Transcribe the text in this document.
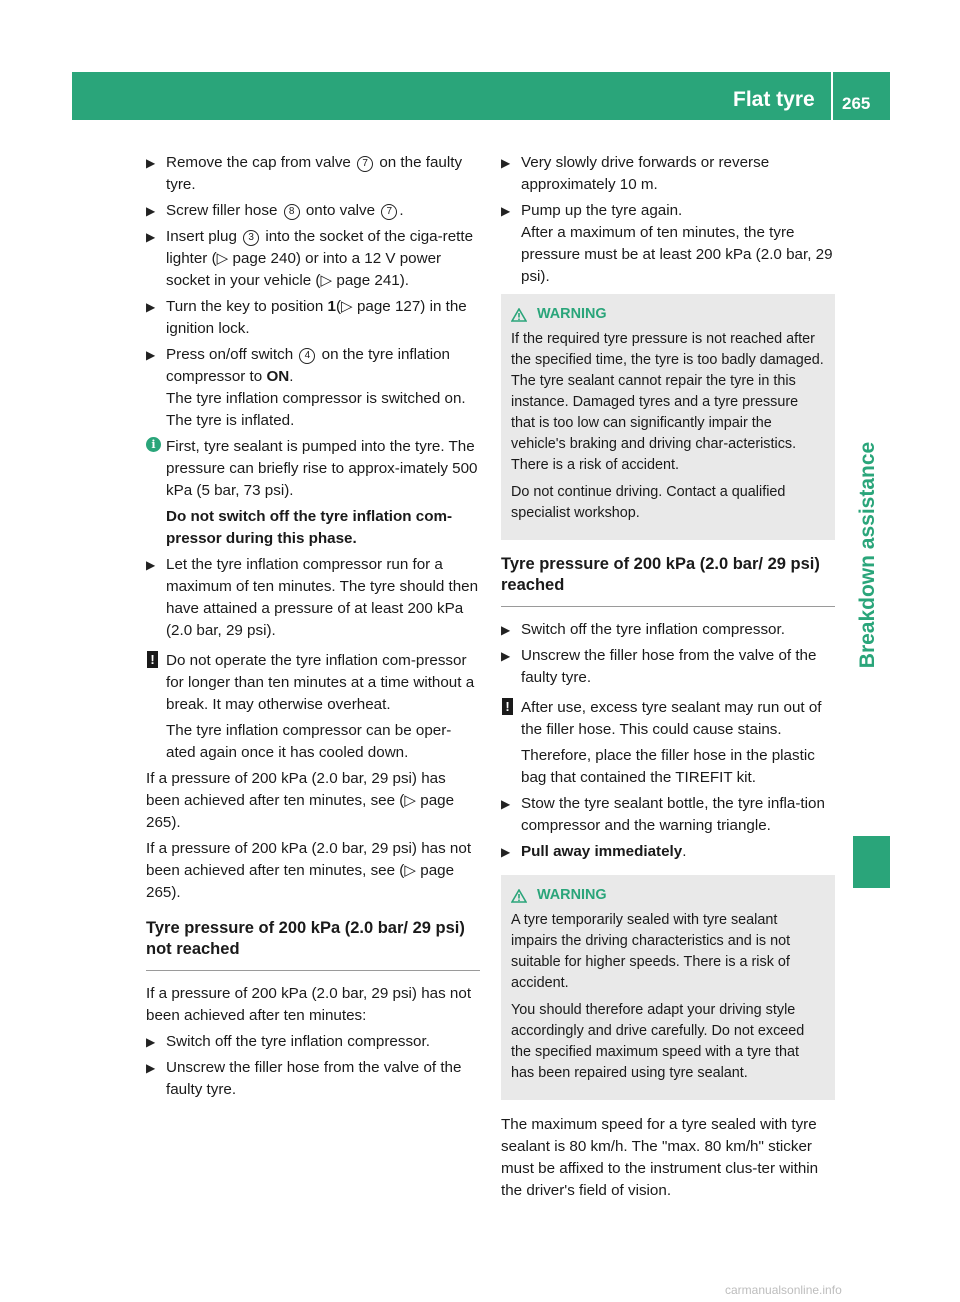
Flat tyre 265
Breakdown assistance
▶ Remove the cap from valve 7 on the faulty tyre.
▶ Screw filler hose 8 onto valve 7 .
▶ Insert plug 3 into the socket of the ciga-rette lighter (▷ page 240) or into a 12 V power socket in your vehicle (▷ page 241).
▶ Turn the key to position 1(▷ page 127) in the ignition lock.
▶ Press on/off switch 4 on the tyre inflation compressor to ON.
The tyre inflation compressor is switched on. The tyre is inflated.
i First, tyre sealant is pumped into the tyre. The pressure can briefly rise to approx-imately 500 kPa (5 bar, 73 psi).

Do not switch off the tyre inflation com-pressor during this phase.

▶ Let the tyre inflation compressor run for a maximum of ten minutes. The tyre should then have attained a pressure of at least 200 kPa (2.0 bar, 29 psi).
! Do not operate the tyre inflation com-pressor for longer than ten minutes at a time without a break. It may otherwise overheat.

The tyre inflation compressor can be oper-ated again once it has cooled down.

If a pressure of 200 kPa (2.0 bar, 29 psi) has been achieved after ten minutes, see (▷ page 265).

If a pressure of 200 kPa (2.0 bar, 29 psi) has not been achieved after ten minutes, see (▷ page 265).

Tyre pressure of 200 kPa (2.0 bar/ 29 psi) not reached

If a pressure of 200 kPa (2.0 bar, 29 psi) has not been achieved after ten minutes:

▶ Switch off the tyre inflation compressor.
▶ Unscrew the filler hose from the valve of the faulty tyre.
▶ Very slowly drive forwards or reverse approximately 10 m.
▶ Pump up the tyre again.
After a maximum of ten minutes, the tyre pressure must be at least 200 kPa (2.0 bar, 29 psi).
WARNING

If the required tyre pressure is not reached after the specified time, the tyre is too badly damaged. The tyre sealant cannot repair the tyre in this instance. Damaged tyres and a tyre pressure that is too low can significantly impair the vehicle's braking and driving char-acteristics. There is a risk of accident.

Do not continue driving. Contact a qualified specialist workshop.

Tyre pressure of 200 kPa (2.0 bar/ 29 psi) reached
▶ Switch off the tyre inflation compressor.
▶ Unscrew the filler hose from the valve of the faulty tyre.
! After use, excess tyre sealant may run out of the filler hose. This could cause stains.

Therefore, place the filler hose in the plastic bag that contained the TIREFIT kit.

▶ Stow the tyre sealant bottle, the tyre infla-tion compressor and the warning triangle.
▶ Pull away immediately.
WARNING

A tyre temporarily sealed with tyre sealant impairs the driving characteristics and is not suitable for higher speeds. There is a risk of accident.

You should therefore adapt your driving style accordingly and drive carefully. Do not exceed the specified maximum speed with a tyre that has been repaired using tyre sealant.

The maximum speed for a tyre sealed with tyre sealant is 80 km/h. The "max. 80 km/h" sticker must be affixed to the instrument clus-ter within the driver's field of vision.

carmanualsonline.info
